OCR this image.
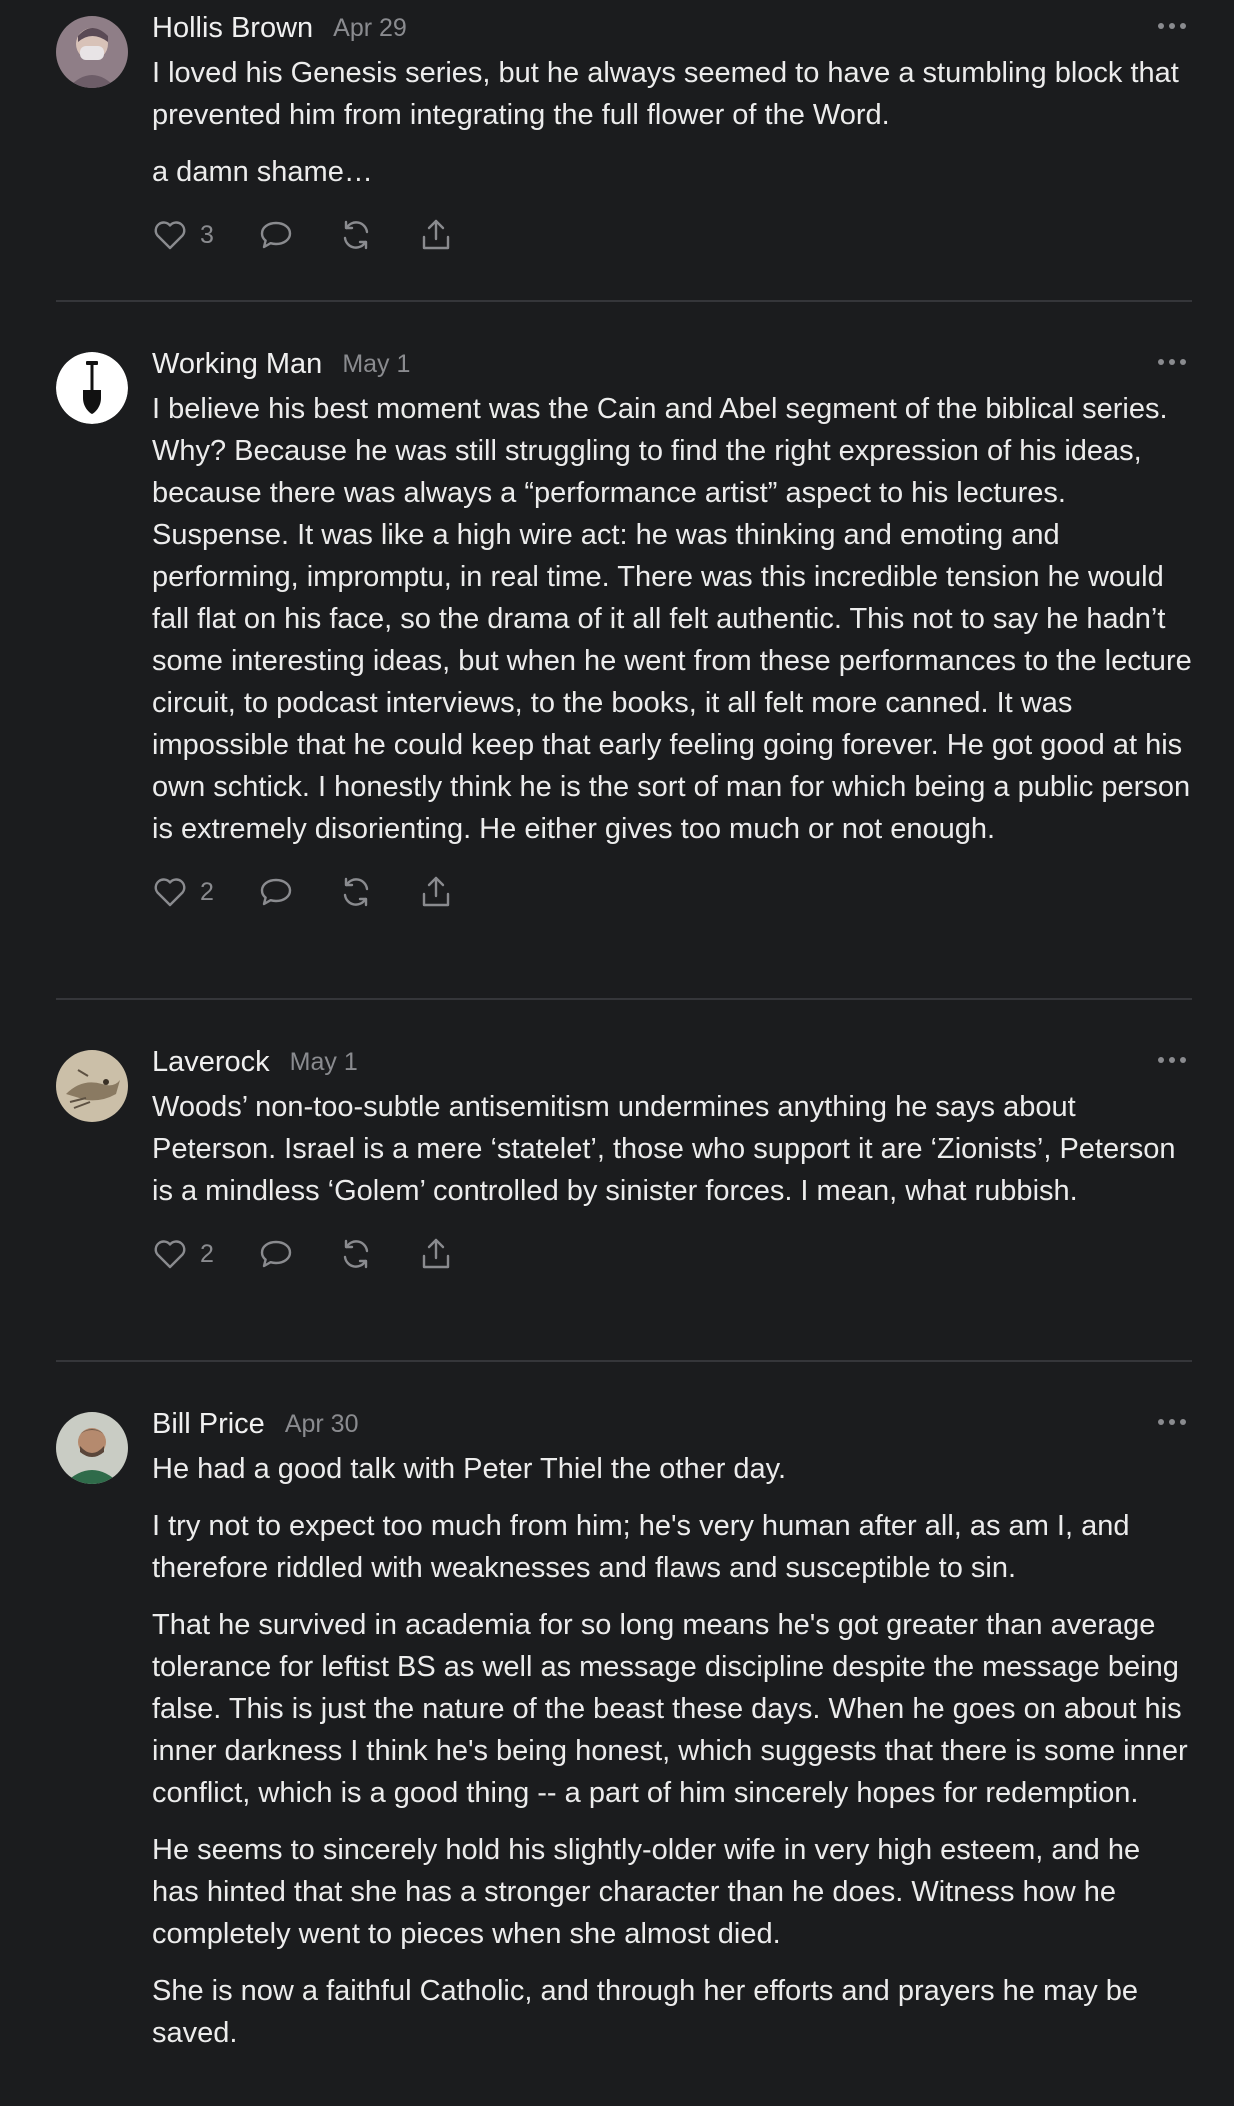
Hollis Brown Apr 29

I loved his Genesis series, but he always seemed to have a stumbling block that prevented him from integrating the full flower of the Word.

a damn shame…

3
Working Man May 1

I believe his best moment was the Cain and Abel segment of the biblical series. Why? Because he was still struggling to find the right expression of his ideas, because there was always a “performance artist” aspect to his lectures. Suspense. It was like a high wire act: he was thinking and emoting and performing, impromptu, in real time. There was this incredible tension he would fall flat on his face, so the drama of it all felt authentic. This not to say he hadn’t some interesting ideas, but when he went from these performances to the lecture circuit, to podcast interviews, to the books, it all felt more canned. It was impossible that he could keep that early feeling going forever. He got good at his own schtick. I honestly think he is the sort of man for which being a public person is extremely disorienting. He either gives too much or not enough.

2
Laverock May 1

Woods’ non-too-subtle antisemitism undermines anything he says about Peterson. Israel is a mere ‘statelet’, those who support it are ‘Zionists’, Peterson is a mindless ‘Golem’ controlled by sinister forces. I mean, what rubbish.

2
Bill Price Apr 30

He had a good talk with Peter Thiel the other day.

I try not to expect too much from him; he's very human after all, as am I, and therefore riddled with weaknesses and flaws and susceptible to sin.

That he survived in academia for so long means he's got greater than average tolerance for leftist BS as well as message discipline despite the message being false. This is just the nature of the beast these days. When he goes on about his inner darkness I think he's being honest, which suggests that there is some inner conflict, which is a good thing -- a part of him sincerely hopes for redemption.

He seems to sincerely hold his slightly-older wife in very high esteem, and he has hinted that she has a stronger character than he does. Witness how he completely went to pieces when she almost died.

She is now a faithful Catholic, and through her efforts and prayers he may be saved.
